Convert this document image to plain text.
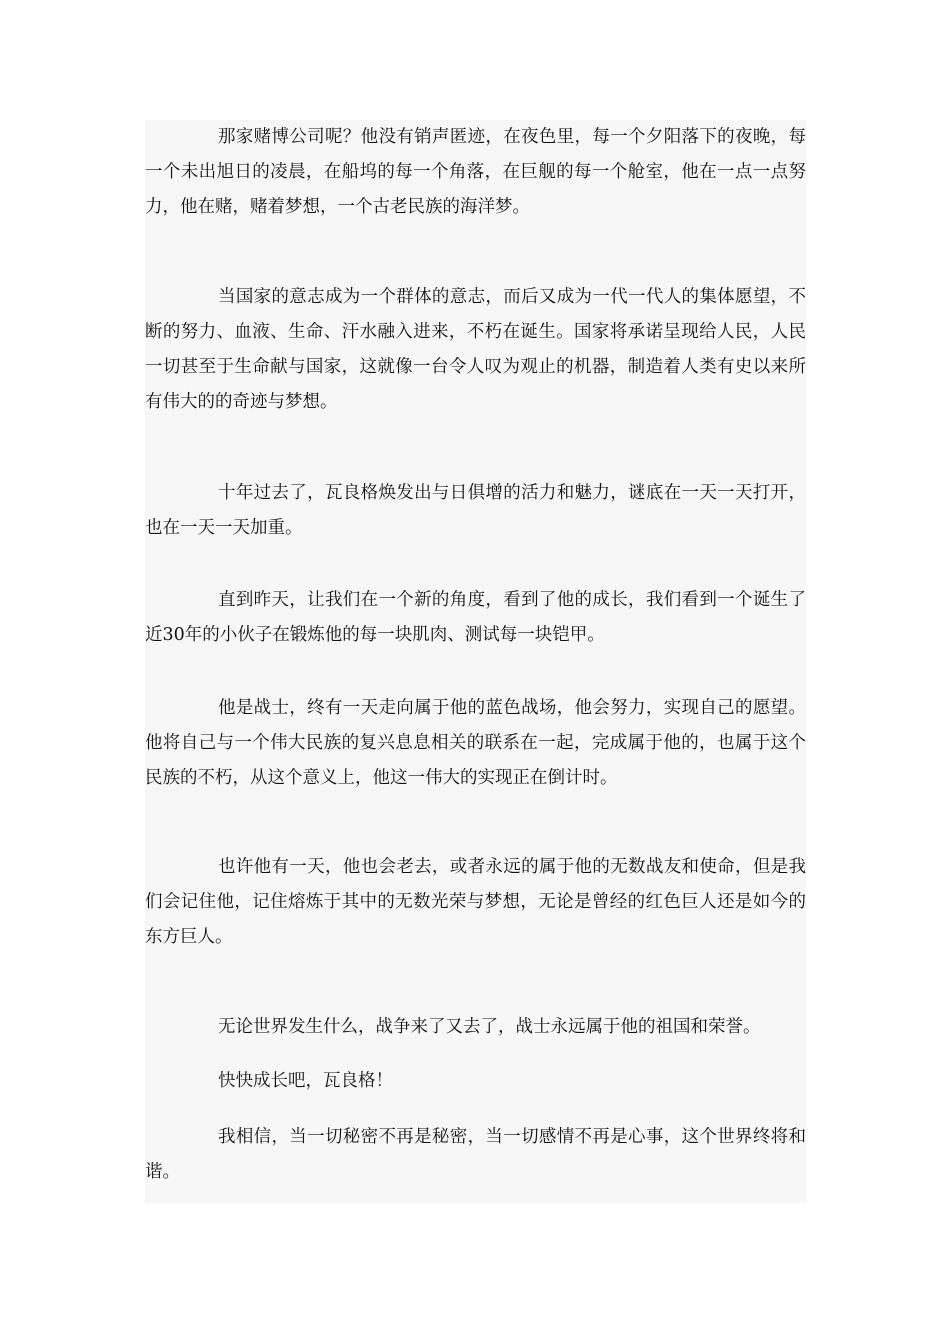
那家赌博公司呢？他没有销声匿迹，在夜色里，每一个夕阳落下的夜晚，每一个未出旭日的凌晨，在船坞的每一个角落，在巨舰的每一个舱室，他在一点一点努力，他在赌，赌着梦想，一个古老民族的海洋梦。

当国家的意志成为一个群体的意志，而后又成为一代一代人的集体愿望，不断的努力、血液、生命、汗水融入进来，不朽在诞生。国家将承诺呈现给人民，人民一切甚至于生命献与国家，这就像一台令人叹为观止的机器，制造着人类有史以来所有伟大的的奇迹与梦想。

十年过去了，瓦良格焕发出与日俱增的活力和魅力，谜底在一天一天打开，也在一天一天加重。

直到昨天，让我们在一个新的角度，看到了他的成长，我们看到一个诞生了近30年的小伙子在锻炼他的每一块肌肉、测试每一块铠甲。

他是战士，终有一天走向属于他的蓝色战场，他会努力，实现自己的愿望。他将自己与一个伟大民族的复兴息息相关的联系在一起，完成属于他的，也属于这个民族的不朽，从这个意义上，他这一伟大的实现正在倒计时。

也许他有一天，他也会老去，或者永远的属于他的无数战友和使命，但是我们会记住他，记住熔炼于其中的无数光荣与梦想，无论是曾经的红色巨人还是如今的东方巨人。

无论世界发生什么，战争来了又去了，战士永远属于他的祖国和荣誉。

快快成长吧，瓦良格！

我相信，当一切秘密不再是秘密，当一切感情不再是心事，这个世界终将和谐。
